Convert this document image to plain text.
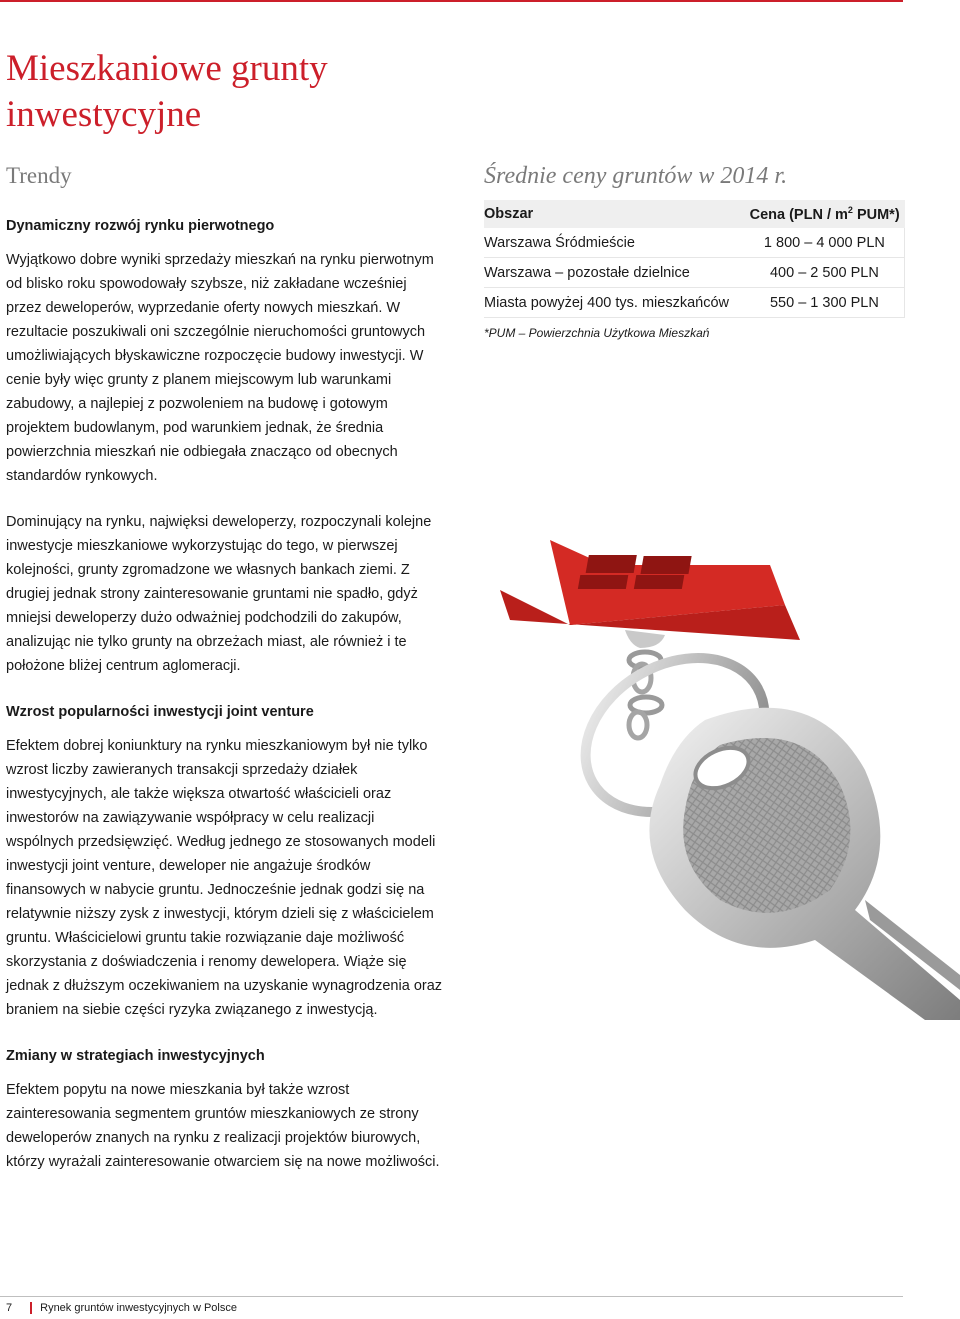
Mieszkaniowe grunty
inwestycyjne
Trendy

Dynamiczny rozwój rynku pierwotnego

Wyjątkowo dobre wyniki sprzedaży mieszkań na rynku pierwotnym od blisko roku spowodowały szybsze, niż zakładane wcześniej przez deweloperów, wyprzedanie oferty nowych mieszkań. W rezultacie poszukiwali oni szczególnie nieruchomości gruntowych umożliwiających błyskawiczne rozpoczęcie budowy inwestycji. W cenie były więc grunty z planem miejscowym lub warunkami zabudowy, a najlepiej z pozwoleniem na budowę i gotowym projektem budowlanym, pod warunkiem jednak, że średnia powierzchnia mieszkań nie odbiegała znacząco od obecnych standardów rynkowych.

Dominujący na rynku, najwięksi deweloperzy, rozpoczynali kolejne inwestycje mieszkaniowe wykorzystując do tego, w pierwszej kolejności, grunty zgromadzone we własnych bankach ziemi. Z drugiej jednak strony zainteresowanie gruntami nie spadło, gdyż mniejsi deweloperzy dużo odważniej podchodzili do zakupów, analizując nie tylko grunty na obrzeżach miast, ale również i te położone bliżej centrum aglomeracji.

Wzrost popularności inwestycji joint venture

Efektem dobrej koniunktury na rynku mieszkaniowym był nie tylko wzrost liczby zawieranych transakcji sprzedaży działek inwestycyjnych, ale także większa otwartość właścicieli oraz inwestorów na zawiązywanie współpracy w celu realizacji wspólnych przedsięwzięć. Według jednego ze stosowanych modeli inwestycji joint venture, deweloper nie angażuje środków finansowych w nabycie gruntu. Jednocześnie jednak godzi się na relatywnie niższy zysk z inwestycji, którym dzieli się z właścicielem gruntu. Właścicielowi gruntu takie rozwiązanie daje możliwość skorzystania z doświadczenia i renomy dewelopera. Wiąże się jednak z dłuższym oczekiwaniem na uzyskanie wynagrodzenia oraz braniem na siebie części ryzyka związanego z inwestycją.

Zmiany w strategiach inwestycyjnych

Efektem popytu na nowe mieszkania był także wzrost zainteresowania segmentem gruntów mieszkaniowych ze strony deweloperów znanych na rynku z realizacji projektów biurowych, którzy wyrażali zainteresowanie otwarciem się na nowe możliwości.

Średnie ceny gruntów w 2014 r.

Obszar	Cena ($PLN / m^2$ PUM*)
Warszawa Śródmieście	1 800 – 4 000 PLN
Warszawa – pozostałe dzielnice	400 – 2 500 PLN
Miasta powyżej 400 tys. mieszkańców	550 – 1 300 PLN
*PUM – Powierzchnia Użytkowa Mieszkań
7	Rynek gruntów inwestycyjnych w Polsce
